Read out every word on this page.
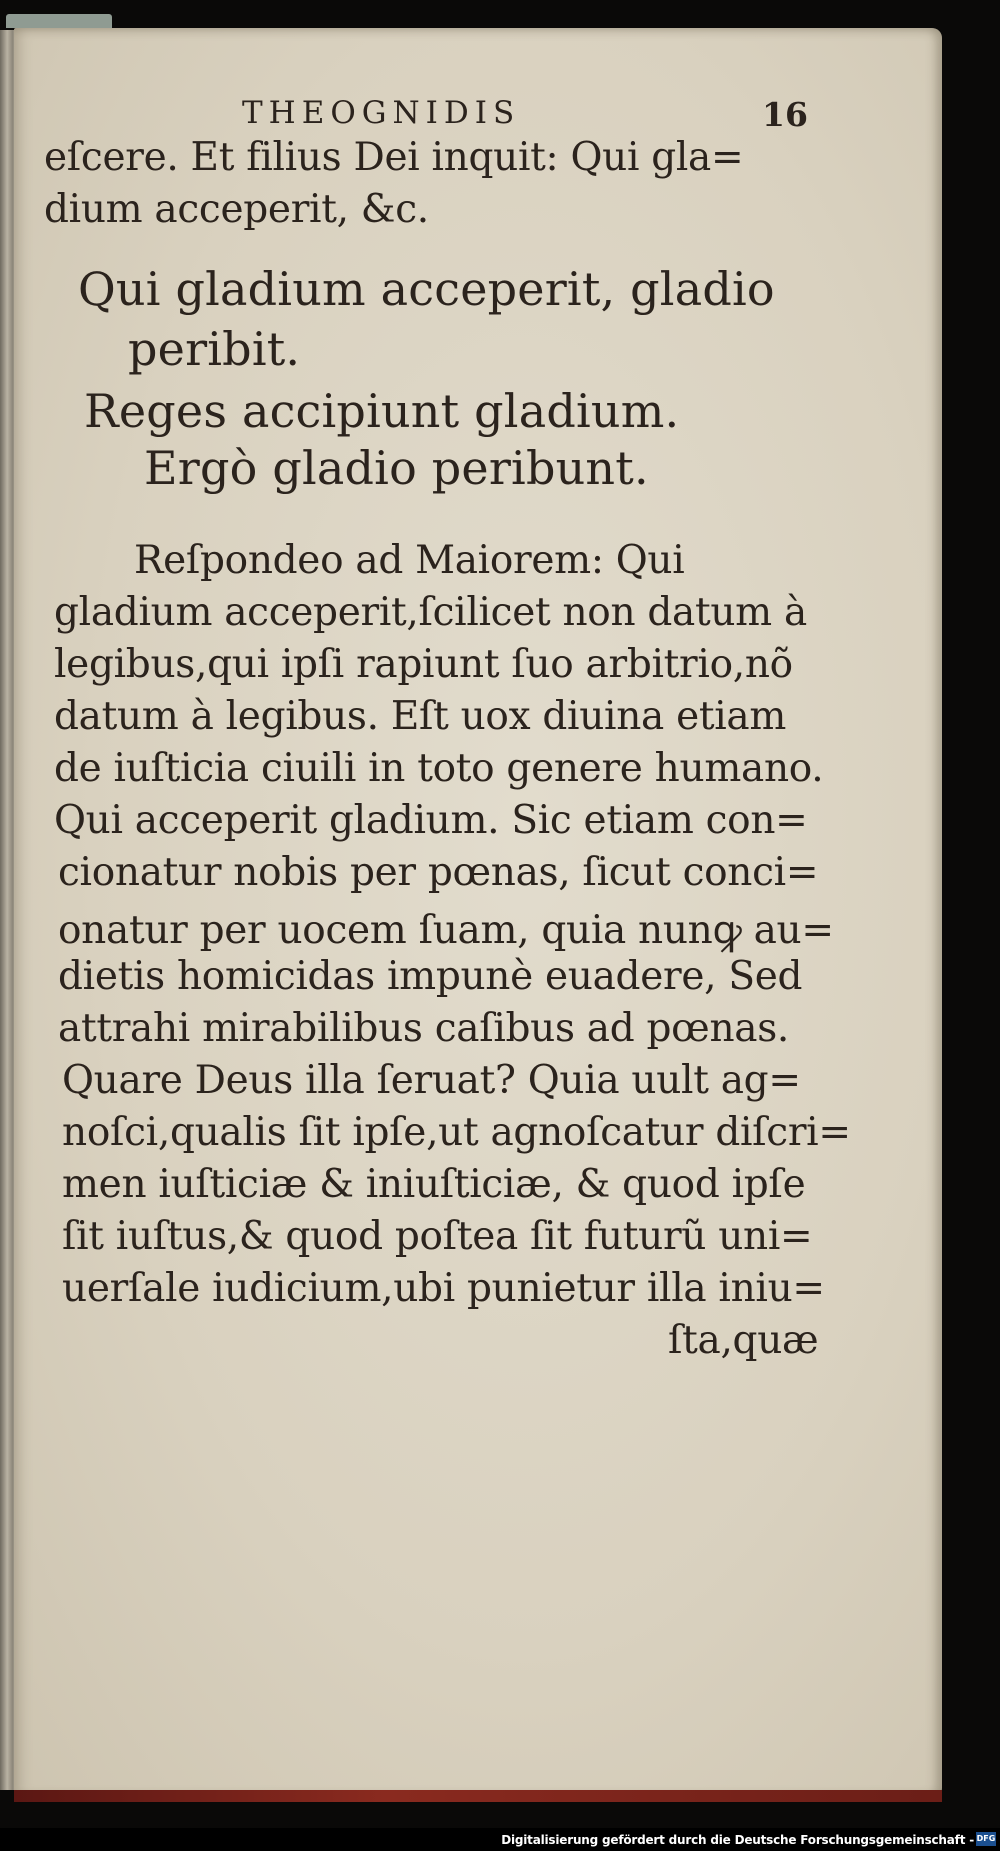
THEOGNIDIS	16
eſcere. Et filius Dei inquit: Qui gla=
dium acceperit, &c.
Qui gladium acceperit, gladio
peribit.
Reges accipiunt gladium.
Ergò gladio peribunt.
Reſpondeo ad Maiorem: Qui
gladium acceperit,ſcilicet non datum à
legibus,qui ipſi rapiunt ſuo arbitrio,nõ
datum à legibus. Eſt uox diuina etiam
de iuſticia ciuili in toto genere humano.
Qui acceperit gladium. Sic etiam con=
cionatur nobis per pœnas, ſicut conci=
onatur per uocem ſuam, quia nunꝙ au=
dietis homicidas impunè euadere, Sed
attrahi mirabilibus caſibus ad pœnas.
Quare Deus illa ſeruat? Quia uult ag=
noſci,qualis ſit ipſe,ut agnoſcatur diſcri=
men iuſticiæ & iniuſticiæ, & quod ipſe
ſit iuſtus,& quod poſtea ſit futurũ uni=
uerſale iudicium,ubi punietur illa iniu=
ſta,quæ
Digitalisierung gefördert durch die Deutsche Forschungsgemeinschaft - DFG
